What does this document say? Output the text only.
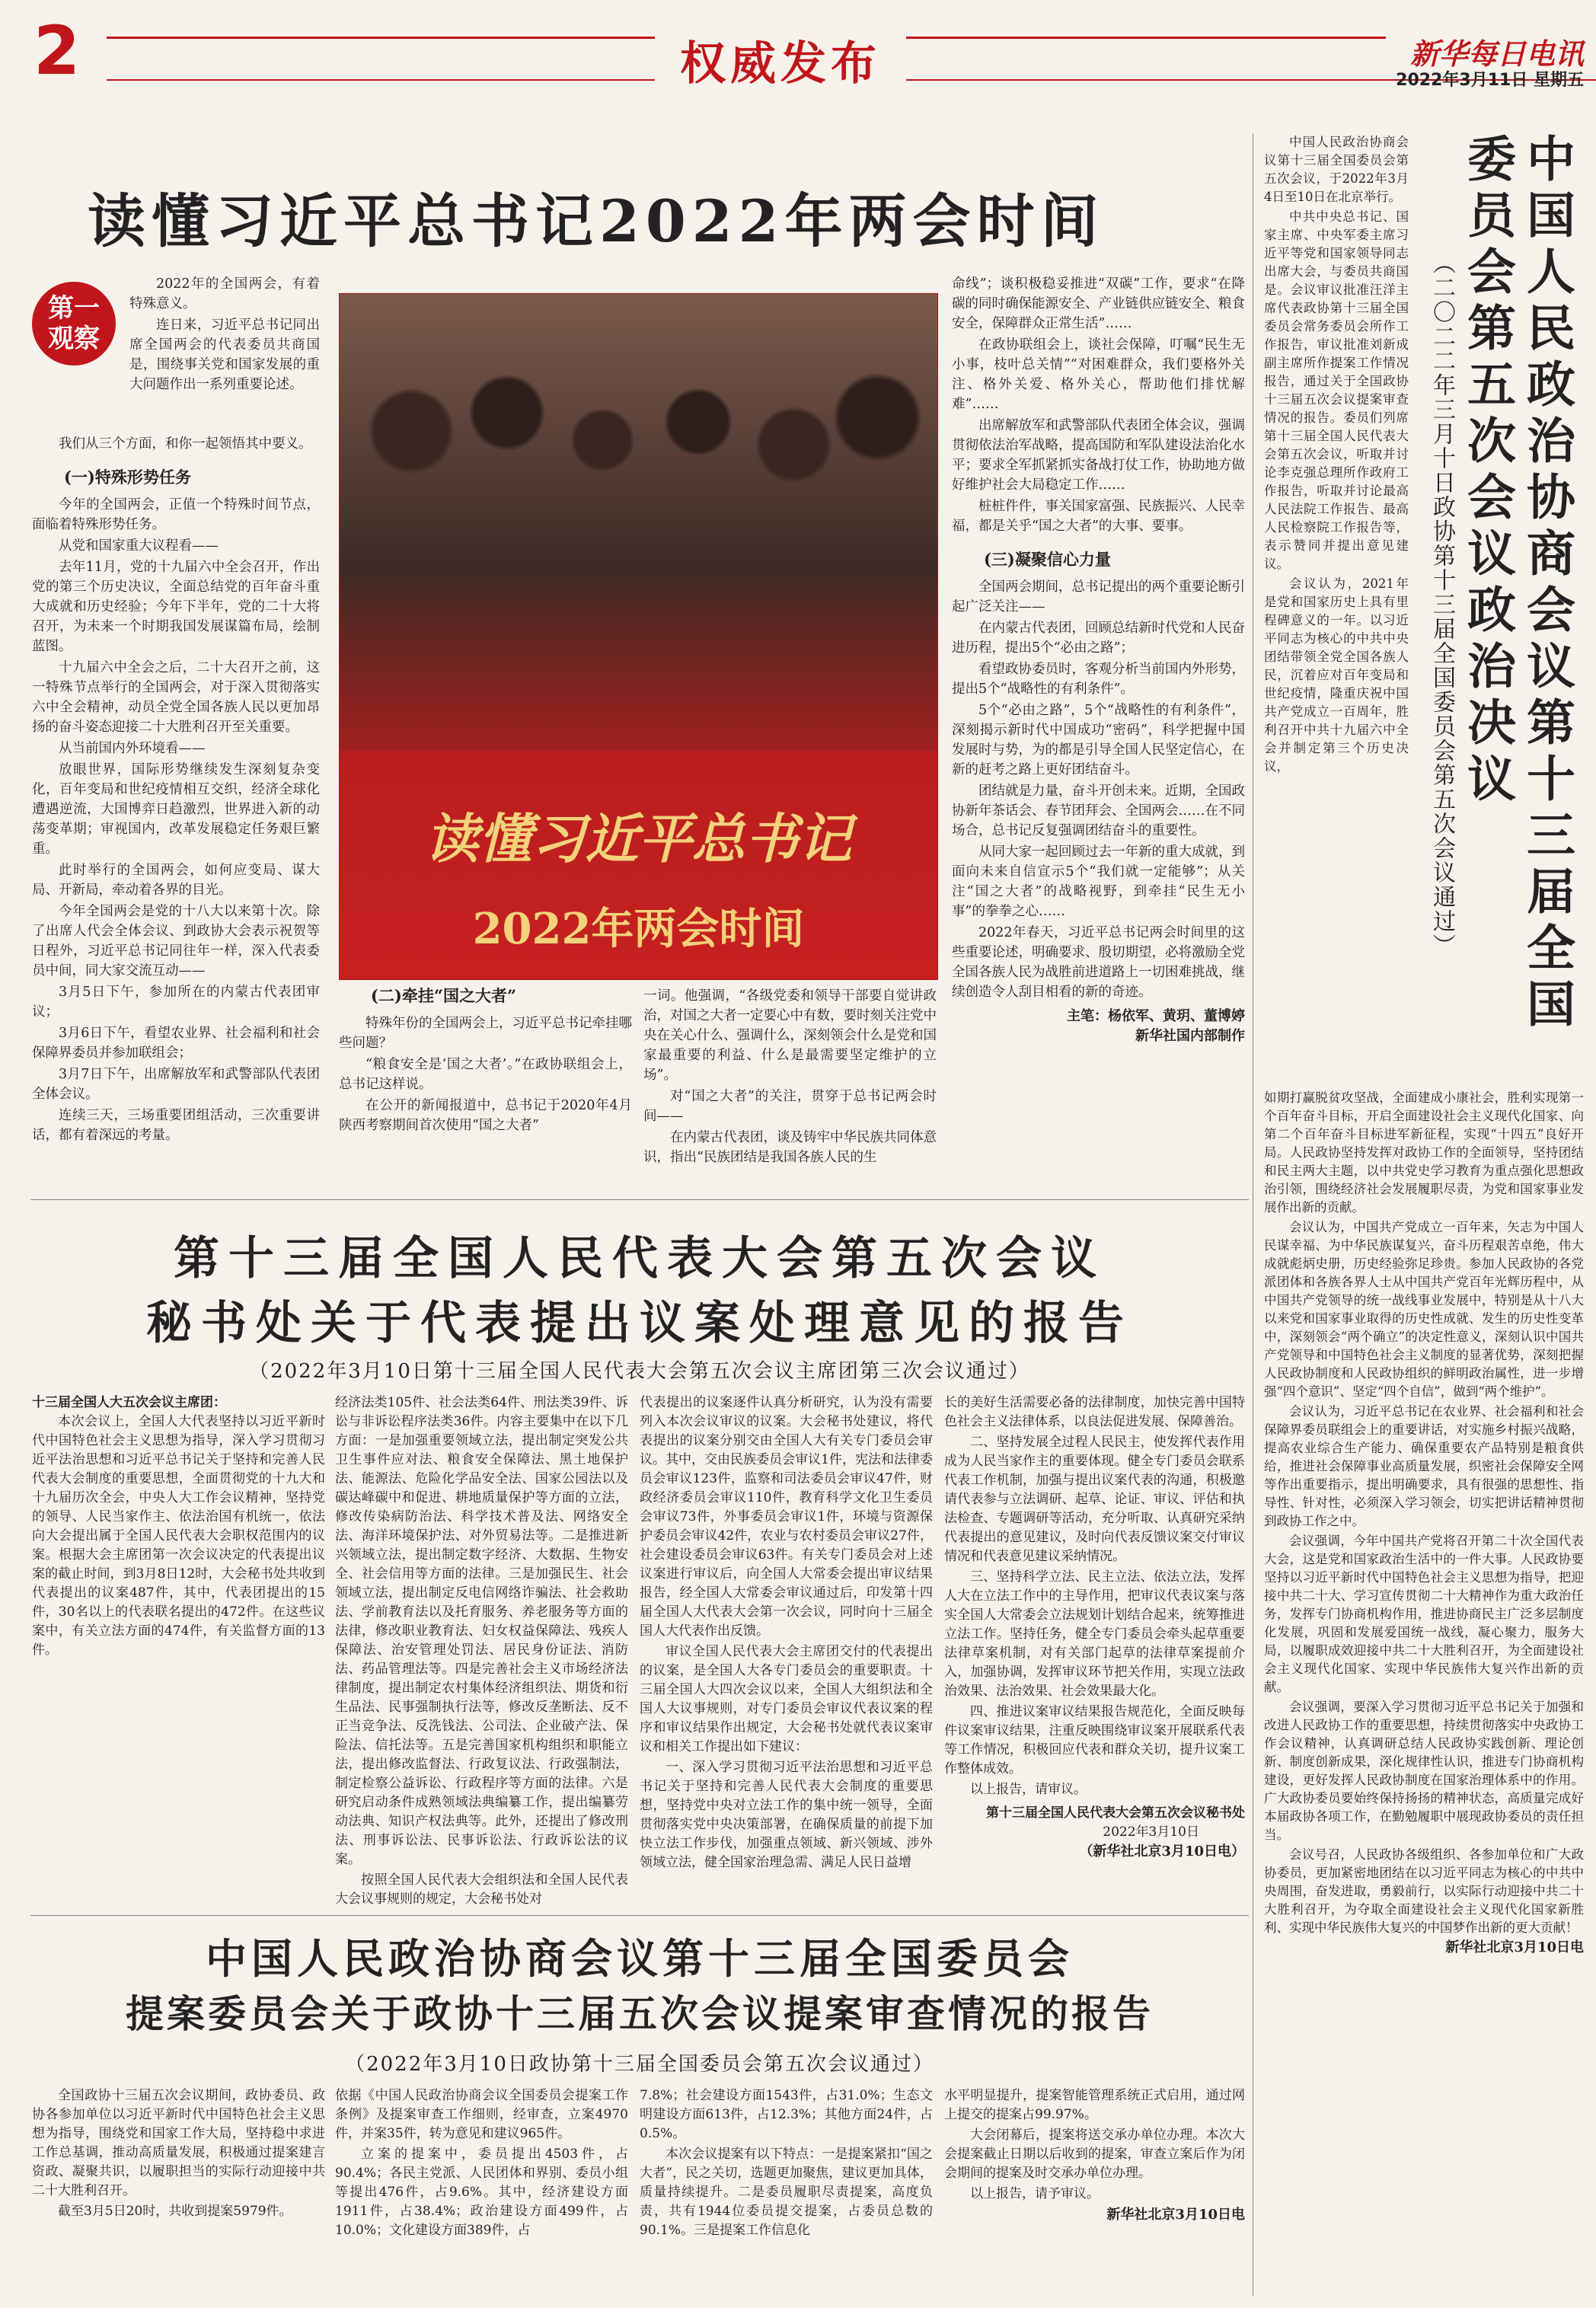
2	权威发布	新华每日电讯
2022年3月11日 星期五
读懂习近平总书记2022年两会时间
第一观察

2022年的全国两会，有着特殊意义。

连日来，习近平总书记同出席全国两会的代表委员共商国是，围绕事关党和国家发展的重大问题作出一系列重要论述。

我们从三个方面，和你一起领悟其中要义。

(一)特殊形势任务

今年的全国两会，正值一个特殊时间节点，面临着特殊形势任务。

从党和国家重大议程看——

去年11月，党的十九届六中全会召开，作出党的第三个历史决议，全面总结党的百年奋斗重大成就和历史经验；今年下半年，党的二十大将召开，为未来一个时期我国发展谋篇布局，绘制蓝图。

十九届六中全会之后，二十大召开之前，这一特殊节点举行的全国两会，对于深入贯彻落实六中全会精神，动员全党全国各族人民以更加昂扬的奋斗姿态迎接二十大胜利召开至关重要。

从当前国内外环境看——

放眼世界，国际形势继续发生深刻复杂变化，百年变局和世纪疫情相互交织，经济全球化遭遇逆流，大国博弈日趋激烈，世界进入新的动荡变革期；审视国内，改革发展稳定任务艰巨繁重。

此时举行的全国两会，如何应变局、谋大局、开新局，牵动着各界的目光。

今年全国两会是党的十八大以来第十次。除了出席人代会全体会议、到政协大会表示祝贺等日程外，习近平总书记同往年一样，深入代表委员中间，同大家交流互动——

3月5日下午，参加所在的内蒙古代表团审议；

3月6日下午，看望农业界、社会福利和社会保障界委员并参加联组会；

3月7日下午，出席解放军和武警部队代表团全体会议。

连续三天，三场重要团组活动，三次重要讲话，都有着深远的考量。

读懂习近平总书记
2022年两会时间
(二)牵挂“国之大者”

特殊年份的全国两会上，习近平总书记牵挂哪些问题？

“粮食安全是‘国之大者’。”在政协联组会上，总书记这样说。

在公开的新闻报道中，总书记于2020年4月陕西考察期间首次使用“国之大者”

一词。他强调，“各级党委和领导干部要自觉讲政治，对国之大者一定要心中有数，要时刻关注党中央在关心什么、强调什么，深刻领会什么是党和国家最重要的利益、什么是最需要坚定维护的立场”。

对“国之大者”的关注，贯穿于总书记两会时间——

在内蒙古代表团，谈及铸牢中华民族共同体意识，指出“民族团结是我国各族人民的生

命线”；谈积极稳妥推进“双碳”工作，要求“在降碳的同时确保能源安全、产业链供应链安全、粮食安全，保障群众正常生活”……

在政协联组会上，谈社会保障，叮嘱“民生无小事，枝叶总关情”“对困难群众，我们要格外关注、格外关爱、格外关心，帮助他们排忧解难”……

出席解放军和武警部队代表团全体会议，强调贯彻依法治军战略，提高国防和军队建设法治化水平；要求全军抓紧抓实备战打仗工作，协助地方做好维护社会大局稳定工作……

桩桩件件，事关国家富强、民族振兴、人民幸福，都是关乎“国之大者”的大事、要事。

(三)凝聚信心力量

全国两会期间，总书记提出的两个重要论断引起广泛关注——

在内蒙古代表团，回顾总结新时代党和人民奋进历程，提出5个“必由之路”；

看望政协委员时，客观分析当前国内外形势，提出5个“战略性的有利条件”。

5个“必由之路”，5个“战略性的有利条件”，深刻揭示新时代中国成功“密码”，科学把握中国发展时与势，为的都是引导全国人民坚定信心，在新的赶考之路上更好团结奋斗。

团结就是力量，奋斗开创未来。近期，全国政协新年茶话会、春节团拜会、全国两会……在不同场合，总书记反复强调团结奋斗的重要性。

从同大家一起回顾过去一年新的重大成就，到面向未来自信宣示5个“我们就一定能够”；从关注“国之大者”的战略视野，到牵挂“民生无小事”的拳拳之心……

2022年春天，习近平总书记两会时间里的这些重要论述，明确要求、殷切期望，必将激励全党全国各族人民为战胜前进道路上一切困难挑战，继续创造令人刮目相看的新的奇迹。

主笔：杨依军、黄玥、董博婷
新华社国内部制作
第十三届全国人民代表大会第五次会议
秘书处关于代表提出议案处理意见的报告
（2022年3月10日第十三届全国人民代表大会第五次会议主席团第三次会议通过）
十三届全国人大五次会议主席团：

本次会议上，全国人大代表坚持以习近平新时代中国特色社会主义思想为指导，深入学习贯彻习近平法治思想和习近平总书记关于坚持和完善人民代表大会制度的重要思想，全面贯彻党的十九大和十九届历次全会，中央人大工作会议精神，坚持党的领导、人民当家作主、依法治国有机统一，依法向大会提出属于全国人民代表大会职权范围内的议案。根据大会主席团第一次会议决定的代表提出议案的截止时间，到3月8日12时，大会秘书处共收到代表提出的议案487件，其中，代表团提出的15件，30名以上的代表联名提出的472件。在这些议案中，有关立法方面的474件，有关监督方面的13件。

经济法类105件、社会法类64件、刑法类39件、诉讼与非诉讼程序法类36件。内容主要集中在以下几方面：一是加强重要领域立法，提出制定突发公共卫生事件应对法、粮食安全保障法、黑土地保护法、能源法、危险化学品安全法、国家公园法以及碳达峰碳中和促进、耕地质量保护等方面的立法，修改传染病防治法、科学技术普及法、网络安全法、海洋环境保护法、对外贸易法等。二是推进新兴领域立法，提出制定数字经济、大数据、生物安全、社会信用等方面的法律。三是加强民生、社会领域立法，提出制定反电信网络诈骗法、社会救助法、学前教育法以及托育服务、养老服务等方面的法律，修改职业教育法、妇女权益保障法、残疾人保障法、治安管理处罚法、居民身份证法、消防法、药品管理法等。四是完善社会主义市场经济法律制度，提出制定农村集体经济组织法、期货和衍生品法、民事强制执行法等，修改反垄断法、反不正当竞争法、反洗钱法、公司法、企业破产法、保险法、信托法等。五是完善国家机构组织和职能立法，提出修改监督法、行政复议法、行政强制法，制定检察公益诉讼、行政程序等方面的法律。六是研究启动条件成熟领域法典编纂工作，提出编纂劳动法典、知识产权法典等。此外，还提出了修改刑法、刑事诉讼法、民事诉讼法、行政诉讼法的议案。

按照全国人民代表大会组织法和全国人民代表大会议事规则的规定，大会秘书处对

代表提出的议案逐件认真分析研究，认为没有需要列入本次会议审议的议案。大会秘书处建议，将代表提出的议案分别交由全国人大有关专门委员会审议。其中，交由民族委员会审议1件，宪法和法律委员会审议123件，监察和司法委员会审议47件，财政经济委员会审议110件，教育科学文化卫生委员会审议73件，外事委员会审议1件，环境与资源保护委员会审议42件，农业与农村委员会审议27件，社会建设委员会审议63件。有关专门委员会对上述议案进行审议后，向全国人大常委会提出审议结果报告，经全国人大常委会审议通过后，印发第十四届全国人大代表大会第一次会议，同时向十三届全国人大代表作出反馈。

审议全国人民代表大会主席团交付的代表提出的议案，是全国人大各专门委员会的重要职责。十三届全国人大四次会议以来，全国人大组织法和全国人大议事规则，对专门委员会审议代表议案的程序和审议结果作出规定，大会秘书处就代表议案审议和相关工作提出如下建议：

一、深入学习贯彻习近平法治思想和习近平总书记关于坚持和完善人民代表大会制度的重要思想，坚持党中央对立法工作的集中统一领导，全面贯彻落实党中央决策部署，在确保质量的前提下加快立法工作步伐，加强重点领域、新兴领域、涉外领域立法，健全国家治理急需、满足人民日益增

长的美好生活需要必备的法律制度，加快完善中国特色社会主义法律体系，以良法促进发展、保障善治。

二、坚持发展全过程人民民主，使发挥代表作用成为人民当家作主的重要体现。健全专门委员会联系代表工作机制，加强与提出议案代表的沟通，积极邀请代表参与立法调研、起草、论证、审议、评估和执法检查、专题调研等活动，充分听取、认真研究采纳代表提出的意见建议，及时向代表反馈议案交付审议情况和代表意见建议采纳情况。

三、坚持科学立法、民主立法、依法立法，发挥人大在立法工作中的主导作用，把审议代表议案与落实全国人大常委会立法规划计划结合起来，统筹推进立法工作。坚持任务，健全专门委员会牵头起草重要法律草案机制，对有关部门起草的法律草案提前介入，加强协调，发挥审议环节把关作用，实现立法政治效果、法治效果、社会效果最大化。

四、推进议案审议结果报告规范化，全面反映每件议案审议结果，注重反映围绕审议案开展联系代表等工作情况，积极回应代表和群众关切，提升议案工作整体成效。

以上报告，请审议。

第十三届全国人民代表大会第五次会议秘书处
2022年3月10日
（新华社北京3月10日电）
中国人民政治协商会议第十三届全国委员会
提案委员会关于政协十三届五次会议提案审查情况的报告
（2022年3月10日政协第十三届全国委员会第五次会议通过）

全国政协十三届五次会议期间，政协委员、政协各参加单位以习近平新时代中国特色社会主义思想为指导，围绕党和国家工作大局，坚持稳中求进工作总基调，推动高质量发展，积极通过提案建言资政、凝聚共识，以履职担当的实际行动迎接中共二十大胜利召开。

截至3月5日20时，共收到提案5979件。

依据《中国人民政治协商会议全国委员会提案工作条例》及提案审查工作细则，经审查，立案4970件，并案35件，转为意见和建议965件。

立案的提案中，委员提出4503件，占90.4%；各民主党派、人民团体和界别、委员小组等提出476件，占9.6%。其中，经济建设方面1911件，占38.4%；政治建设方面499件，占10.0%；文化建设方面389件，占

7.8%；社会建设方面1543件，占31.0%；生态文明建设方面613件，占12.3%；其他方面24件，占0.5%。

本次会议提案有以下特点：一是提案紧扣“国之大者”，民之关切，选题更加聚焦，建议更加具体，质量持续提升。二是委员履职尽责提案，高度负责，共有1944位委员提交提案，占委员总数的90.1%。三是提案工作信息化

水平明显提升，提案智能管理系统正式启用，通过网上提交的提案占99.97%。

大会闭幕后，提案将送交承办单位办理。本次大会提案截止日期以后收到的提案，审查立案后作为闭会期间的提案及时交承办单位办理。

以上报告，请予审议。

新华社北京3月10日电
中国人民政治协商会议第十三届全国委员会第五次会议政治决议
（二〇二二年三月十日政协第十三届全国委员会第五次会议通过）

中国人民政治协商会议第十三届全国委员会第五次会议，于2022年3月4日至10日在北京举行。

中共中央总书记、国家主席、中央军委主席习近平等党和国家领导同志出席大会，与委员共商国是。会议审议批准汪洋主席代表政协第十三届全国委员会常务委员会所作工作报告，审议批准刘新成副主席所作提案工作情况报告，通过关于全国政协十三届五次会议提案审查情况的报告。委员们列席第十三届全国人民代表大会第五次会议，听取并讨论李克强总理所作政府工作报告，听取并讨论最高人民法院工作报告、最高人民检察院工作报告等，表示赞同并提出意见建议。

会议认为，2021年是党和国家历史上具有里程碑意义的一年。以习近平同志为核心的中共中央团结带领全党全国各族人民，沉着应对百年变局和世纪疫情，隆重庆祝中国共产党成立一百周年，胜利召开中共十九届六中全会并制定第三个历史决议，

如期打赢脱贫攻坚战，全面建成小康社会，胜利实现第一个百年奋斗目标，开启全面建设社会主义现代化国家、向第二个百年奋斗目标进军新征程，实现“十四五”良好开局。人民政协坚持发挥对政协工作的全面领导，坚持团结和民主两大主题，以中共党史学习教育为重点强化思想政治引领，围绕经济社会发展履职尽责，为党和国家事业发展作出新的贡献。

会议认为，中国共产党成立一百年来，矢志为中国人民谋幸福、为中华民族谋复兴，奋斗历程艰苦卓绝，伟大成就彪炳史册，历史经验弥足珍贵。参加人民政协的各党派团体和各族各界人士从中国共产党百年光辉历程中，从中国共产党领导的统一战线事业发展中，特别是从十八大以来党和国家事业取得的历史性成就、发生的历史性变革中，深刻领会“两个确立”的决定性意义，深刻认识中国共产党领导和中国特色社会主义制度的显著优势，深刻把握人民政协制度和人民政协组织的鲜明政治属性，进一步增强“四个意识”、坚定“四个自信”，做到“两个维护”。

会议认为，习近平总书记在农业界、社会福利和社会保障界委员联组会上的重要讲话，对实施乡村振兴战略，提高农业综合生产能力、确保重要农产品特别是粮食供给，推进社会保障事业高质量发展，织密社会保障安全网等作出重要指示，提出明确要求，具有很强的思想性、指导性、针对性，必须深入学习领会，切实把讲话精神贯彻到政协工作之中。

会议强调，今年中国共产党将召开第二十次全国代表大会，这是党和国家政治生活中的一件大事。人民政协要坚持以习近平新时代中国特色社会主义思想为指导，把迎接中共二十大、学习宣传贯彻二十大精神作为重大政治任务，发挥专门协商机构作用，推进协商民主广泛多层制度化发展，巩固和发展爱国统一战线，凝心聚力，服务大局，以履职成效迎接中共二十大胜利召开，为全面建设社会主义现代化国家、实现中华民族伟大复兴作出新的贡献。

会议强调，要深入学习贯彻习近平总书记关于加强和改进人民政协工作的重要思想，持续贯彻落实中央政协工作会议精神，认真调研总结人民政协实践创新、理论创新、制度创新成果，深化规律性认识，推进专门协商机构建设，更好发挥人民政协制度在国家治理体系中的作用。广大政协委员要始终保持扬扬的精神状态，高质量完成好本届政协各项工作，在勤勉履职中展现政协委员的责任担当。

会议号召，人民政协各级组织、各参加单位和广大政协委员，更加紧密地团结在以习近平同志为核心的中共中央周围，奋发进取，勇毅前行，以实际行动迎接中共二十大胜利召开，为夺取全面建设社会主义现代化国家新胜利、实现中华民族伟大复兴的中国梦作出新的更大贡献！

新华社北京3月10日电
